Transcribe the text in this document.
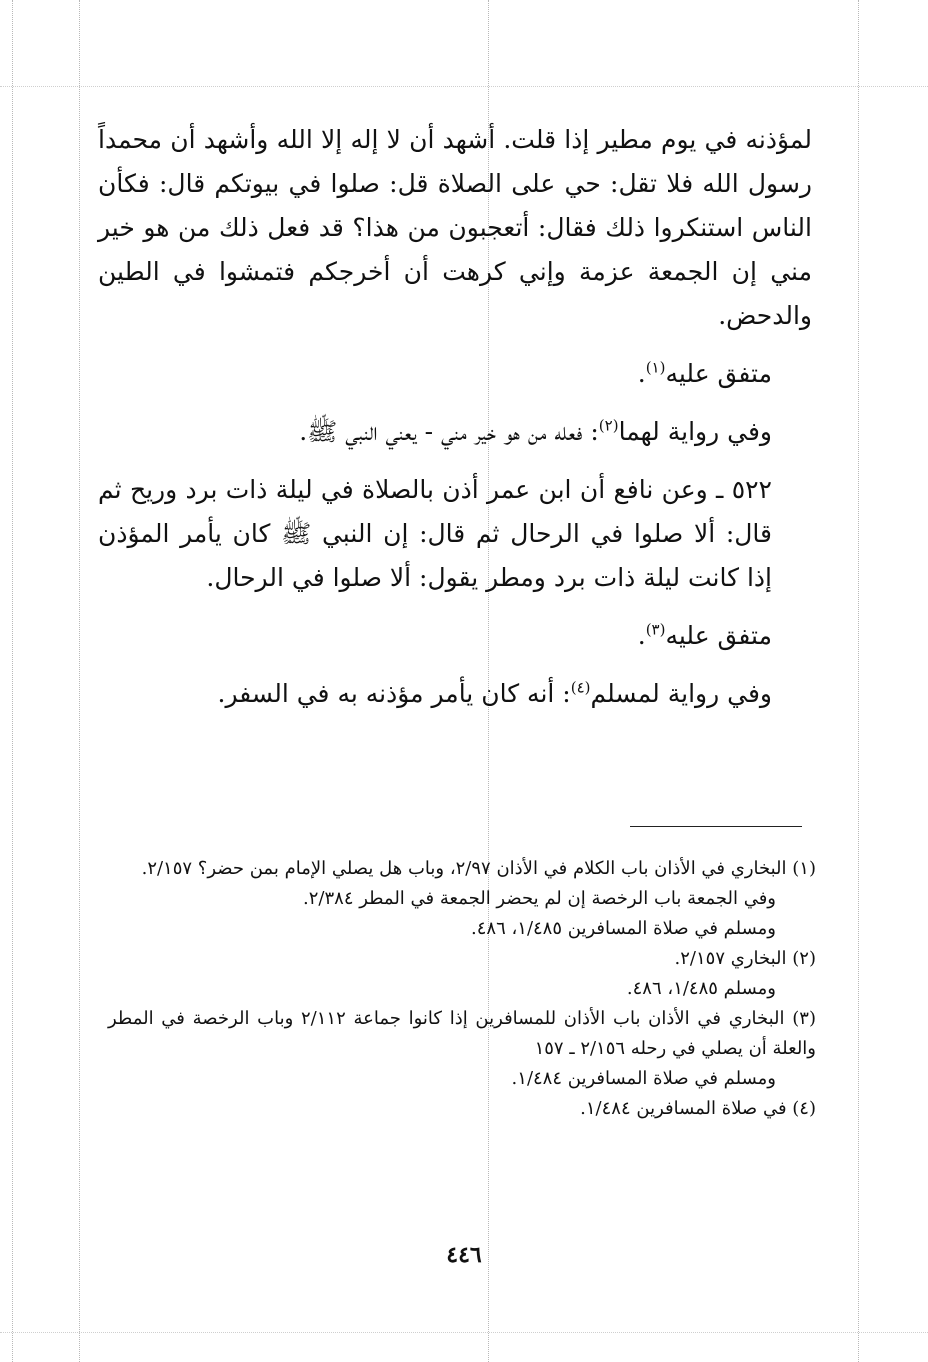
لمؤذنه في يوم مطير إذا قلت. أشهد أن لا إله إلا الله وأشهد أن محمداً رسول الله فلا تقل: حي على الصلاة قل: صلوا في بيوتكم قال: فكأن الناس استنكروا ذلك فقال: أتعجبون من هذا؟ قد فعل ذلك من هو خير مني إن الجمعة عزمة وإني كرهت أن أخرجكم فتمشوا في الطين والدحض.

متفق عليه$^{(١)}$.

وفي رواية لهما$^{(٢)}$: فعله من هو خير مني - يعني النبي ﷺ.

٥٢٢ ـ وعن نافع أن ابن عمر أذن بالصلاة في ليلة ذات برد وريح ثم قال: ألا صلوا في الرحال ثم قال: إن النبي ﷺ كان يأمر المؤذن إذا كانت ليلة ذات برد ومطر يقول: ألا صلوا في الرحال.

متفق عليه$^{(٣)}$.

وفي رواية لمسلم$^{(٤)}$: أنه كان يأمر مؤذنه به في السفر.

(١) البخاري في الأذان باب الكلام في الأذان ٢/٩٧، وباب هل يصلي الإمام بمن حضر؟ ٢/١٥٧.

وفي الجمعة باب الرخصة إن لم يحضر الجمعة في المطر ٢/٣٨٤.

ومسلم في صلاة المسافرين ١/٤٨٥، ٤٨٦.

(٢) البخاري ٢/١٥٧.

ومسلم ١/٤٨٥، ٤٨٦.

(٣) البخاري في الأذان باب الأذان للمسافرين إذا كانوا جماعة ٢/١١٢ وباب الرخصة في المطر والعلة أن يصلي في رحله ٢/١٥٦ ـ ١٥٧

ومسلم في صلاة المسافرين ١/٤٨٤.

(٤) في صلاة المسافرين ١/٤٨٤.

٤٤٦
